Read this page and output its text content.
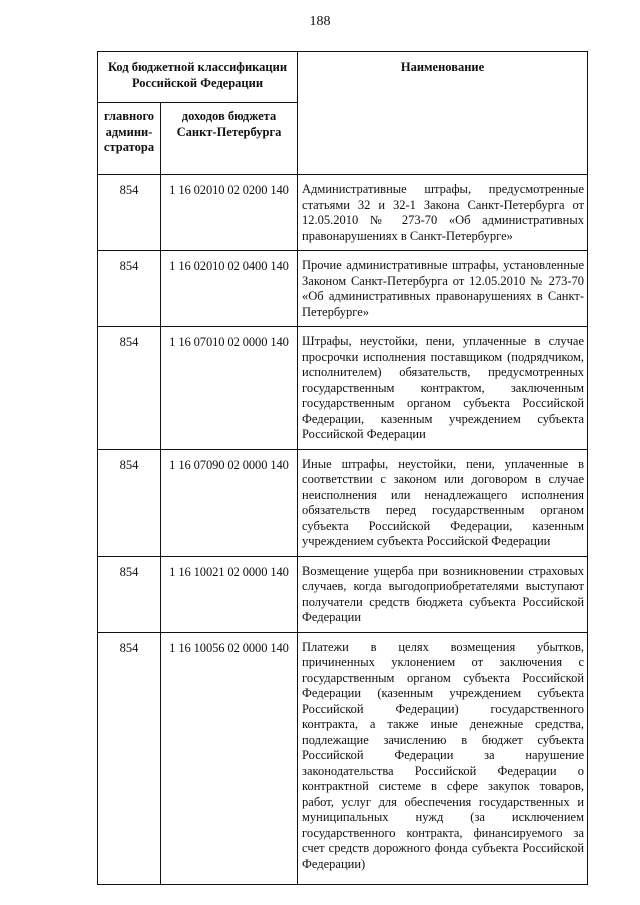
188
Код бюджетной классификации Российской Федерации		Наименование
главного админи- стратора	доходов бюджета Санкт-Петербурга	
854	1 16 02010 02 0200 140	Административные штрафы, предусмотренные статьями 32 и 32-1 Закона Санкт-Петербурга от 12.05.2010 № 273-70 «Об административных правонарушениях в Санкт-Петербурге»
854	1 16 02010 02 0400 140	Прочие административные штрафы, установленные Законом Санкт-Петербурга от 12.05.2010 № 273-70 «Об административных правонарушениях в Санкт-Петербурге»
854	1 16 07010 02 0000 140	Штрафы, неустойки, пени, уплаченные в случае просрочки исполнения поставщиком (подрядчиком, исполнителем) обязательств, предусмотренных государственным контрактом, заключенным государственным органом субъекта Российской Федерации, казенным учреждением субъекта Российской Федерации
854	1 16 07090 02 0000 140	Иные штрафы, неустойки, пени, уплаченные в соответствии с законом или договором в случае неисполнения или ненадлежащего исполнения обязательств перед государственным органом субъекта Российской Федерации, казенным учреждением субъекта Российской Федерации
854	1 16 10021 02 0000 140	Возмещение ущерба при возникновении страховых случаев, когда выгодоприобретателями выступают получатели средств бюджета субъекта Российской Федерации
854	1 16 10056 02 0000 140	Платежи в целях возмещения убытков, причиненных уклонением от заключения с государственным органом субъекта Российской Федерации (казенным учреждением субъекта Российской Федерации) государственного контракта, а также иные денежные средства, подлежащие зачислению в бюджет субъекта Российской Федерации за нарушение законодательства Российской Федерации о контрактной системе в сфере закупок товаров, работ, услуг для обеспечения государственных и муниципальных нужд (за исключением государственного контракта, финансируемого за счет средств дорожного фонда субъекта Российской Федерации)
